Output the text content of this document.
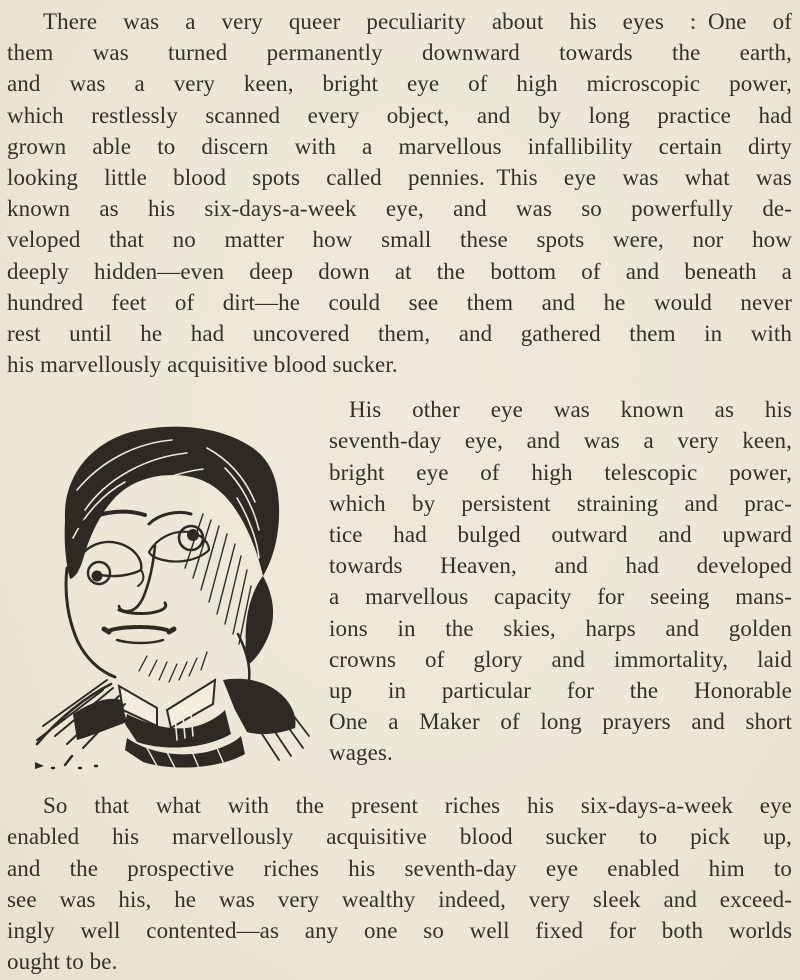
There was a very queer peculiarity about his eyes : One of
them was turned permanently downward towards the earth,
and was a very keen, bright eye of high microscopic power,
which restlessly scanned every object, and by long practice had
grown able to discern with a marvellous infallibility certain dirty
looking little blood spots called pennies. This eye was what was
known as his six-days-a-week eye, and was so powerfully de-
veloped that no matter how small these spots were, nor how
deeply hidden—even deep down at the bottom of and beneath a
hundred feet of dirt—he could see them and he would never
rest until he had uncovered them, and gathered them in with
his marvellously acquisitive blood sucker.
His other eye was known as his
seventh-day eye, and was a very keen,
bright eye of high telescopic power,
which by persistent straining and prac-
tice had bulged outward and upward
towards Heaven, and had developed
a marvellous capacity for seeing mans-
ions in the skies, harps and golden
crowns of glory and immortality, laid
up in particular for the Honorable
One a Maker of long prayers and short
wages.
So that what with the present riches his six-days-a-week eye
enabled his marvellously acquisitive blood sucker to pick up,
and the prospective riches his seventh-day eye enabled him to
see was his, he was very wealthy indeed, very sleek and exceed-
ingly well contented—as any one so well fixed for both worlds
ought to be.
